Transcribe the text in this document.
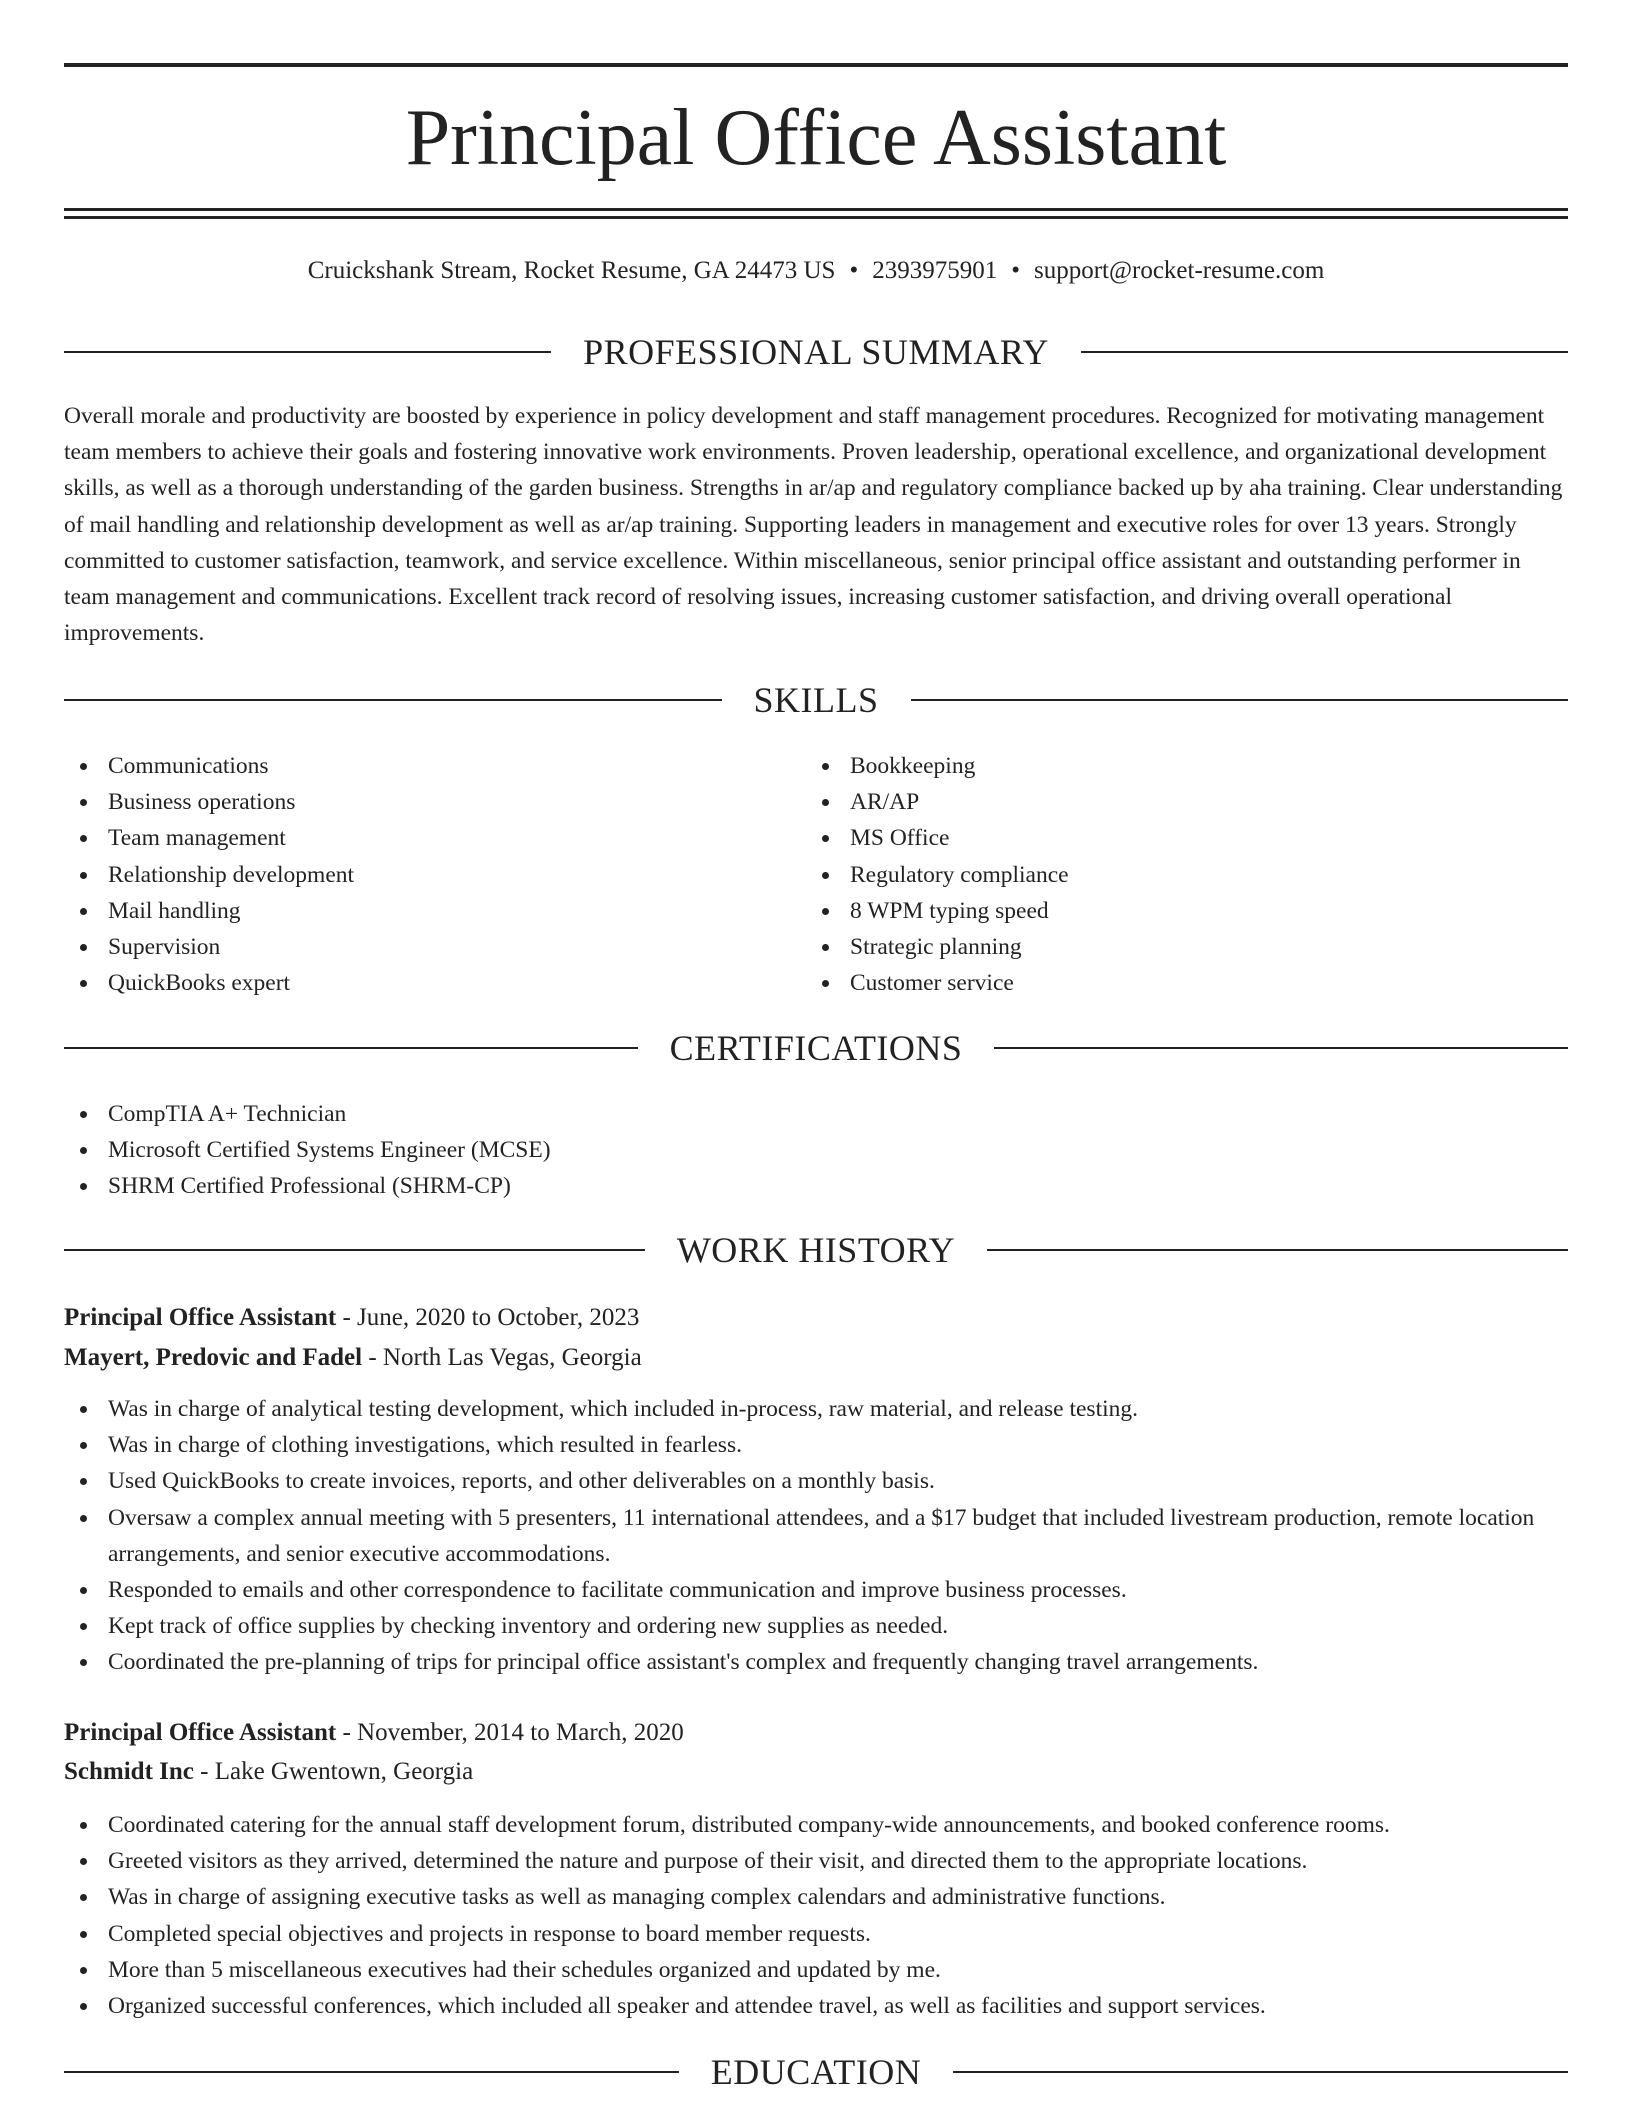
Principal Office Assistant
Cruickshank Stream, Rocket Resume, GA 24473 US • 2393975901 • support@rocket-resume.com
PROFESSIONAL SUMMARY

Overall morale and productivity are boosted by experience in policy development and staff management procedures. Recognized for motivating management team members to achieve their goals and fostering innovative work environments. Proven leadership, operational excellence, and organizational development skills, as well as a thorough understanding of the garden business. Strengths in ar/ap and regulatory compliance backed up by aha training. Clear understanding of mail handling and relationship development as well as ar/ap training. Supporting leaders in management and executive roles for over 13 years. Strongly committed to customer satisfaction, teamwork, and service excellence. Within miscellaneous, senior principal office assistant and outstanding performer in team management and communications. Excellent track record of resolving issues, increasing customer satisfaction, and driving overall operational improvements.

SKILLS
Communications
Business operations
Team management
Relationship development
Mail handling
Supervision
QuickBooks expert
Bookkeeping
AR/AP
MS Office
Regulatory compliance
8 WPM typing speed
Strategic planning
Customer service
CERTIFICATIONS
CompTIA A+ Technician
Microsoft Certified Systems Engineer (MCSE)
SHRM Certified Professional (SHRM-CP)
WORK HISTORY
Principal Office Assistant - June, 2020 to October, 2023
Mayert, Predovic and Fadel - North Las Vegas, Georgia
Was in charge of analytical testing development, which included in-process, raw material, and release testing.
Was in charge of clothing investigations, which resulted in fearless.
Used QuickBooks to create invoices, reports, and other deliverables on a monthly basis.
Oversaw a complex annual meeting with 5 presenters, 11 international attendees, and a $17 budget that included livestream production, remote location arrangements, and senior executive accommodations.
Responded to emails and other correspondence to facilitate communication and improve business processes.
Kept track of office supplies by checking inventory and ordering new supplies as needed.
Coordinated the pre-planning of trips for principal office assistant's complex and frequently changing travel arrangements.
Principal Office Assistant - November, 2014 to March, 2020
Schmidt Inc - Lake Gwentown, Georgia
Coordinated catering for the annual staff development forum, distributed company-wide announcements, and booked conference rooms.
Greeted visitors as they arrived, determined the nature and purpose of their visit, and directed them to the appropriate locations.
Was in charge of assigning executive tasks as well as managing complex calendars and administrative functions.
Completed special objectives and projects in response to board member requests.
More than 5 miscellaneous executives had their schedules organized and updated by me.
Organized successful conferences, which included all speaker and attendee travel, as well as facilities and support services.
EDUCATION
